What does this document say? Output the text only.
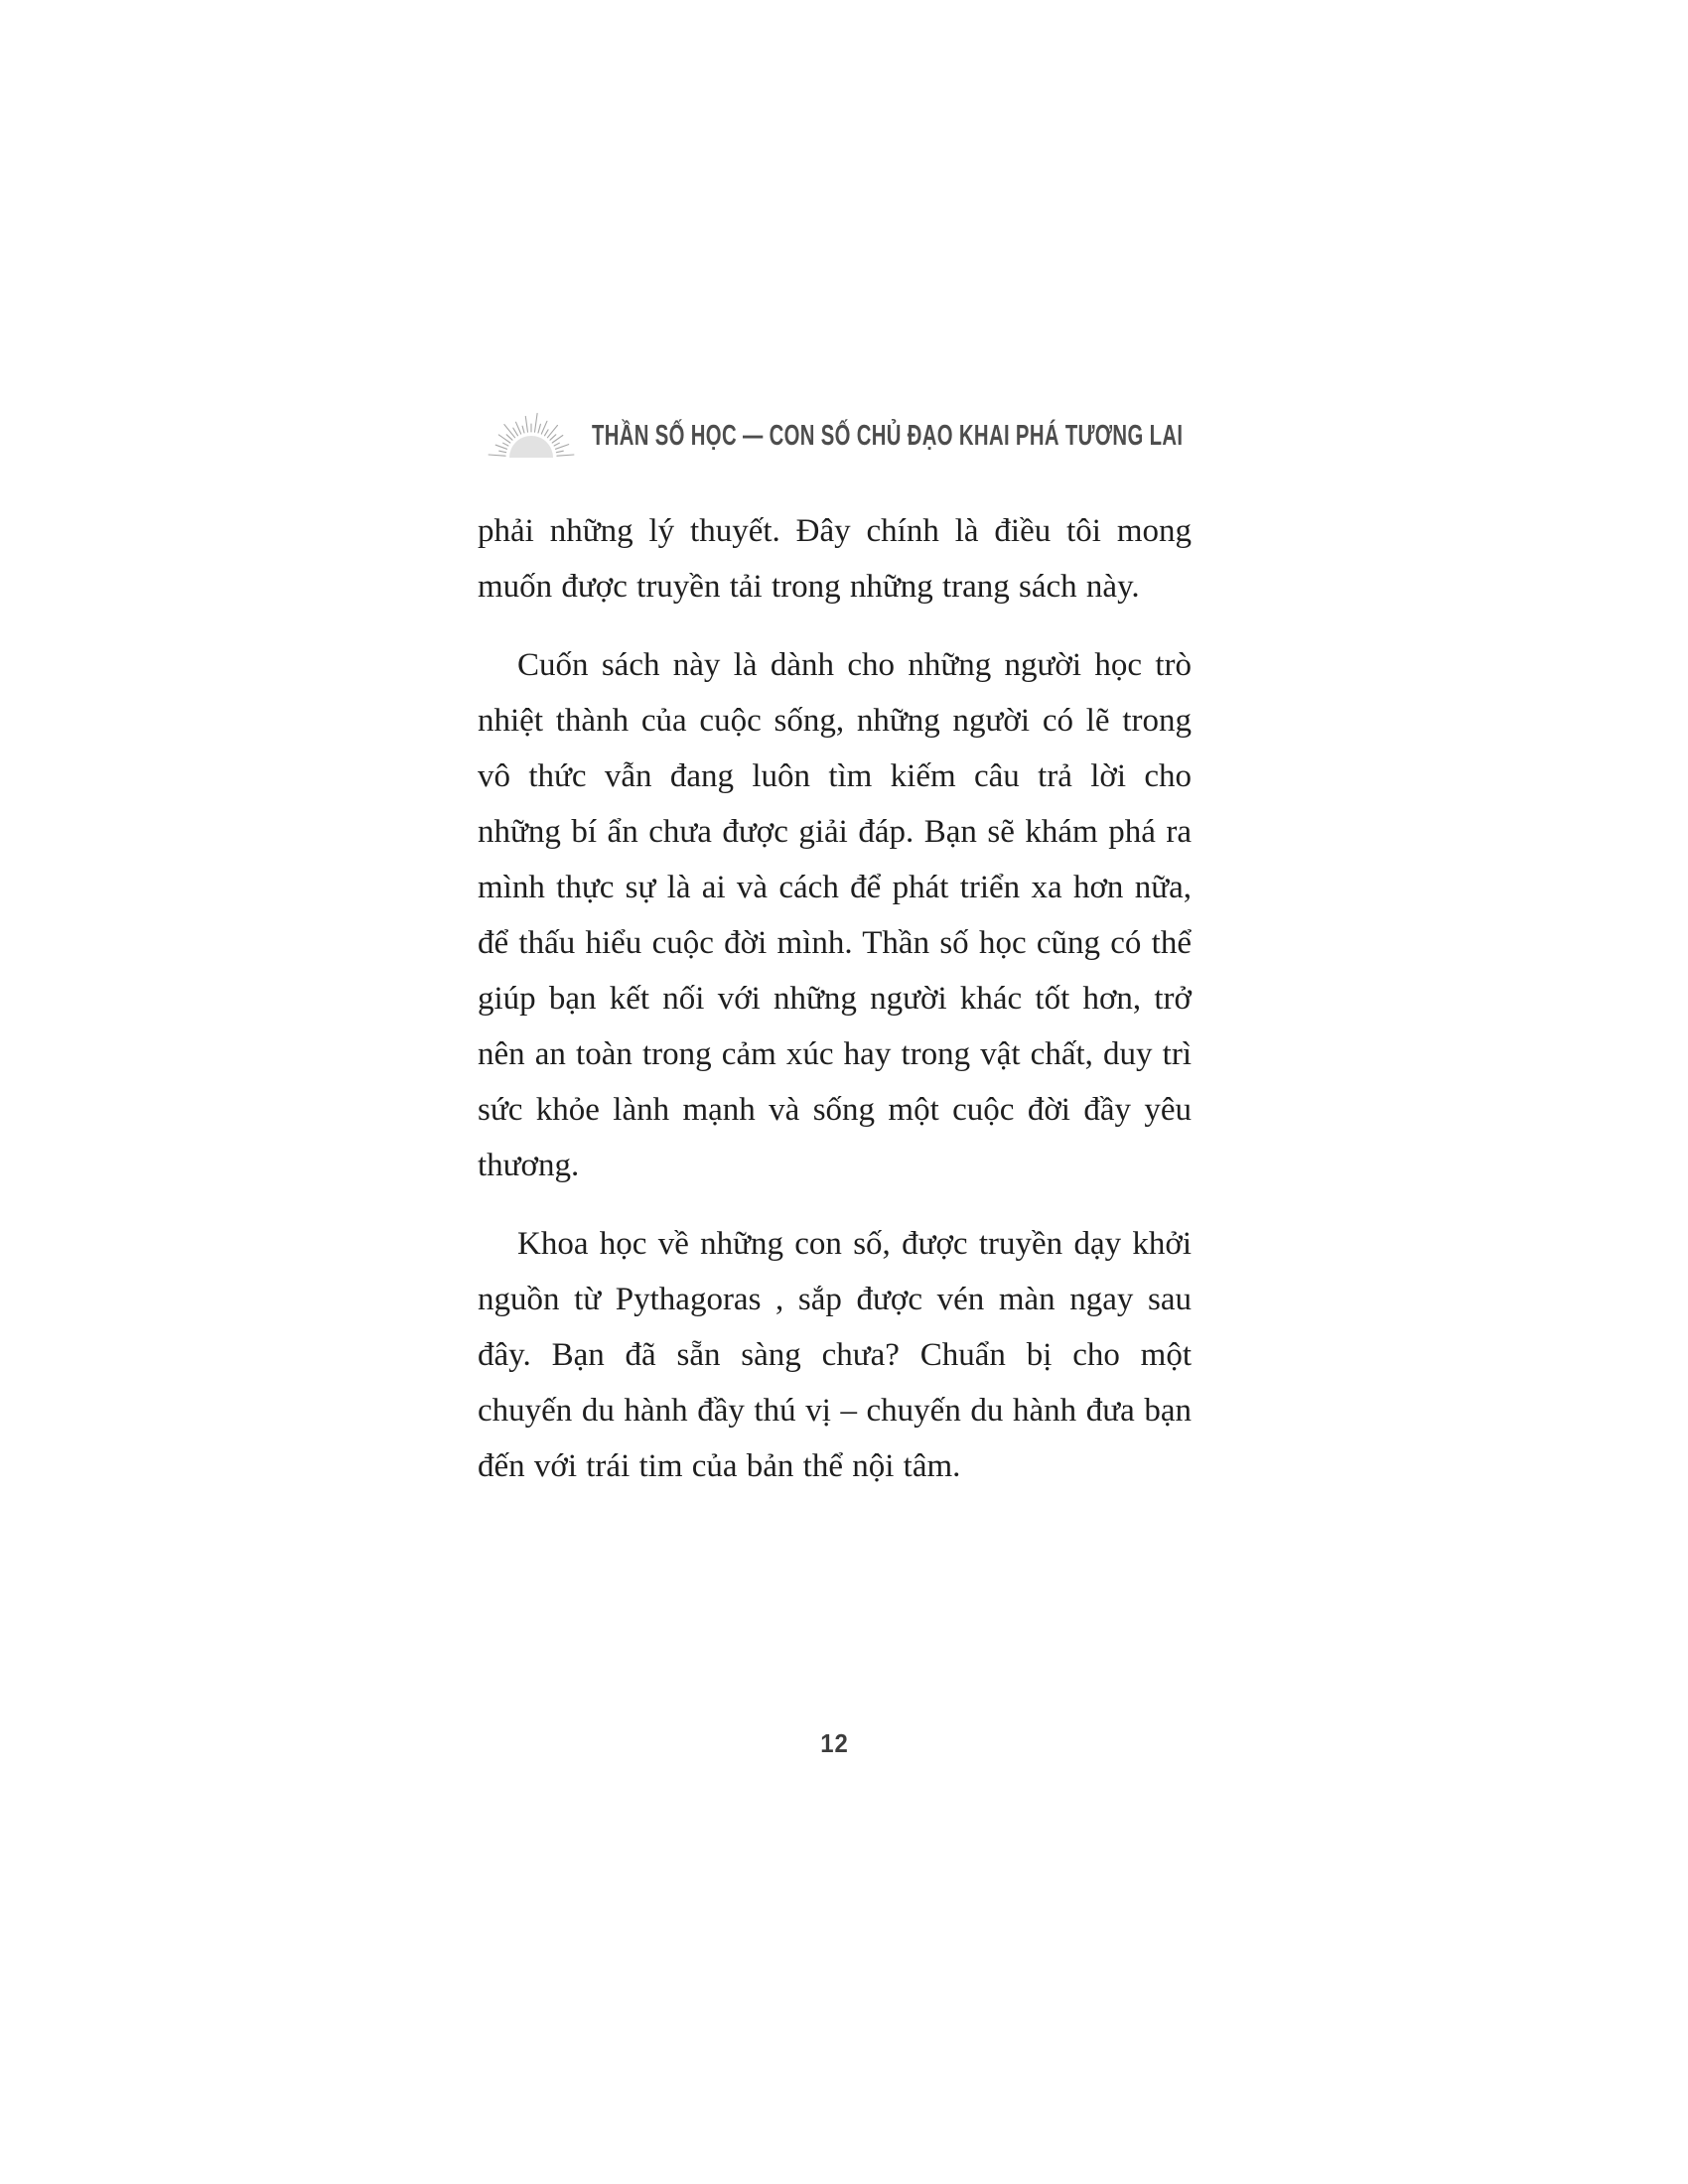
THẦN SỐ HỌC — CON SỐ CHỦ ĐẠO KHAI PHÁ TƯƠNG LAI

phải những lý thuyết. Đây chính là điều tôi mong muốn được truyền tải trong những trang sách này.

Cuốn sách này là dành cho những người học trò nhiệt thành của cuộc sống, những người có lẽ trong vô thức vẫn đang luôn tìm kiếm câu trả lời cho những bí ẩn chưa được giải đáp. Bạn sẽ khám phá ra mình thực sự là ai và cách để phát triển xa hơn nữa, để thấu hiểu cuộc đời mình. Thần số học cũng có thể giúp bạn kết nối với những người khác tốt hơn, trở nên an toàn trong cảm xúc hay trong vật chất, duy trì sức khỏe lành mạnh và sống một cuộc đời đầy yêu thương.

Khoa học về những con số, được truyền dạy khởi nguồn từ Pythagoras , sắp được vén màn ngay sau đây. Bạn đã sẵn sàng chưa? Chuẩn bị cho một chuyến du hành đầy thú vị – chuyến du hành đưa bạn đến với trái tim của bản thể nội tâm.

12
